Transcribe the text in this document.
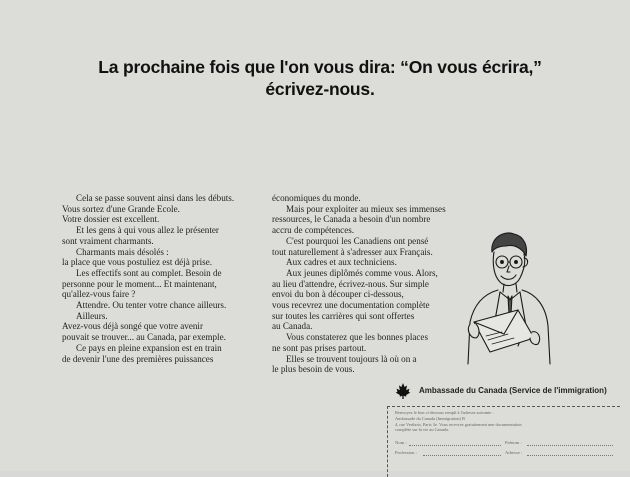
La prochaine fois que l'on vous dira: “On vous écrira,”
écrivez-nous.

Cela se passe souvent ainsi dans les débuts.

Vous sortez d'une Grande Ecole.

Votre dossier est excellent.

Et les gens à qui vous allez le présenter

sont vraiment charmants.

Charmants mais désolés :

la place que vous postuliez est déjà prise.

Les effectifs sont au complet. Besoin de

personne pour le moment... Et maintenant,

qu'allez-vous faire ?

Attendre. Ou tenter votre chance ailleurs.

Ailleurs.

Avez-vous déjà songé que votre avenir

pouvait se trouver... au Canada, par exemple.

Ce pays en pleine expansion est en train

de devenir l'une des premières puissances

économiques du monde.

Mais pour exploiter au mieux ses immenses

ressources, le Canada a besoin d'un nombre

accru de compétences.

C'est pourquoi les Canadiens ont pensé

tout naturellement à s'adresser aux Français.

Aux cadres et aux techniciens.

Aux jeunes diplômés comme vous. Alors,

au lieu d'attendre, écrivez-nous. Sur simple

envoi du bon à découper ci-dessous,

vous recevrez une documentation complète

sur toutes les carrières qui sont offertes

au Canada.

Vous constaterez que les bonnes places

ne sont pas prises partout.

Elles se trouvent toujours là où on a

le plus besoin de vous.

Ambassade du Canada (Service de l'immigration)

Renvoyez le bon ci-dessous rempli à l'adresse suivante :

Ambassade du Canada (Immigration) B

4, rue Vertbois, Paris 3e. Vous recevrez gratuitement une documentation

complète sur la vie au Canada.

Nom :	Prénom :
Profession :	Adresse :
